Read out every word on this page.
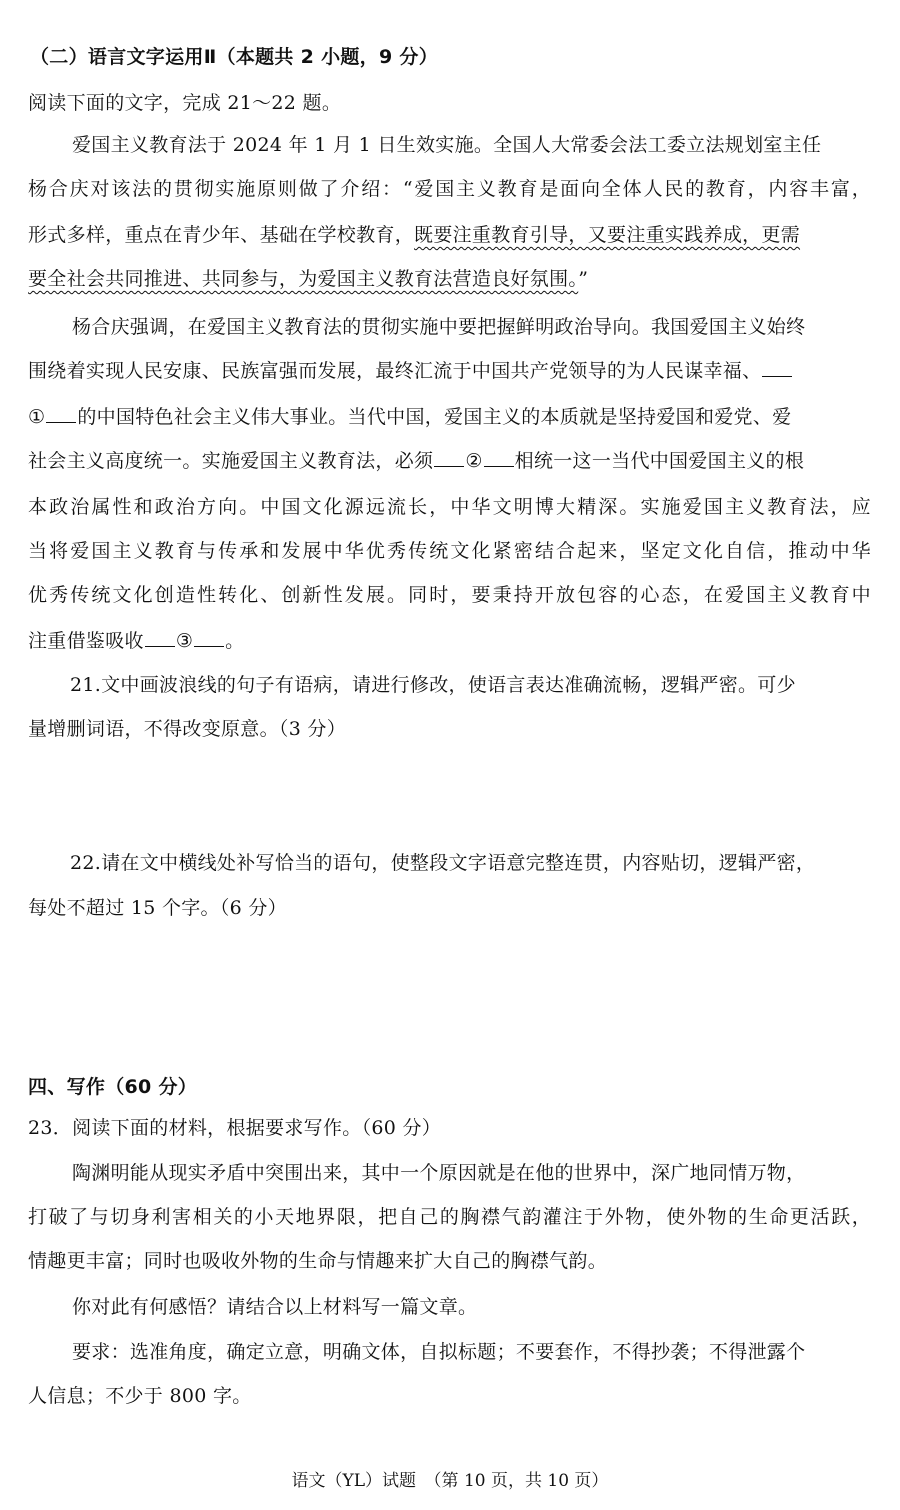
（二）语言文字运用Ⅱ（本题共 2 小题，9 分）
阅读下面的文字，完成 21～22 题。
爱国主义教育法于 2024 年 1 月 1 日生效实施。全国人大常委会法工委立法规划室主任
杨合庆对该法的贯彻实施原则做了介绍：“爱国主义教育是面向全体人民的教育，内容丰富，
形式多样，重点在青少年、基础在学校教育，既要注重教育引导，又要注重实践养成，更需
要全社会共同推进、共同参与，为爱国主义教育法营造良好氛围。”
杨合庆强调，在爱国主义教育法的贯彻实施中要把握鲜明政治导向。我国爱国主义始终
围绕着实现人民安康、民族富强而发展，最终汇流于中国共产党领导的为人民谋幸福、
① 的中国特色社会主义伟大事业。当代中国，爱国主义的本质就是坚持爱国和爱党、爱
社会主义高度统一。实施爱国主义教育法，必须 ② 相统一这一当代中国爱国主义的根
本政治属性和政治方向。中国文化源远流长，中华文明博大精深。实施爱国主义教育法，应
当将爱国主义教育与传承和发展中华优秀传统文化紧密结合起来，坚定文化自信，推动中华
优秀传统文化创造性转化、创新性发展。同时，要秉持开放包容的心态，在爱国主义教育中
注重借鉴吸收 ③ 。
21.文中画波浪线的句子有语病，请进行修改，使语言表达准确流畅，逻辑严密。可少
量增删词语，不得改变原意。（3 分）
22.请在文中横线处补写恰当的语句，使整段文字语意完整连贯，内容贴切，逻辑严密，
每处不超过 15 个字。（6 分）
四、写作（60 分）
23．阅读下面的材料，根据要求写作。（60 分）
陶渊明能从现实矛盾中突围出来，其中一个原因就是在他的世界中，深广地同情万物，
打破了与切身利害相关的小天地界限，把自己的胸襟气韵灌注于外物，使外物的生命更活跃，
情趣更丰富；同时也吸收外物的生命与情趣来扩大自己的胸襟气韵。
你对此有何感悟？请结合以上材料写一篇文章。
要求：选准角度，确定立意，明确文体，自拟标题；不要套作，不得抄袭；不得泄露个
人信息；不少于 800 字。
语文（YL）试题　（第 10 页，共 10 页）
